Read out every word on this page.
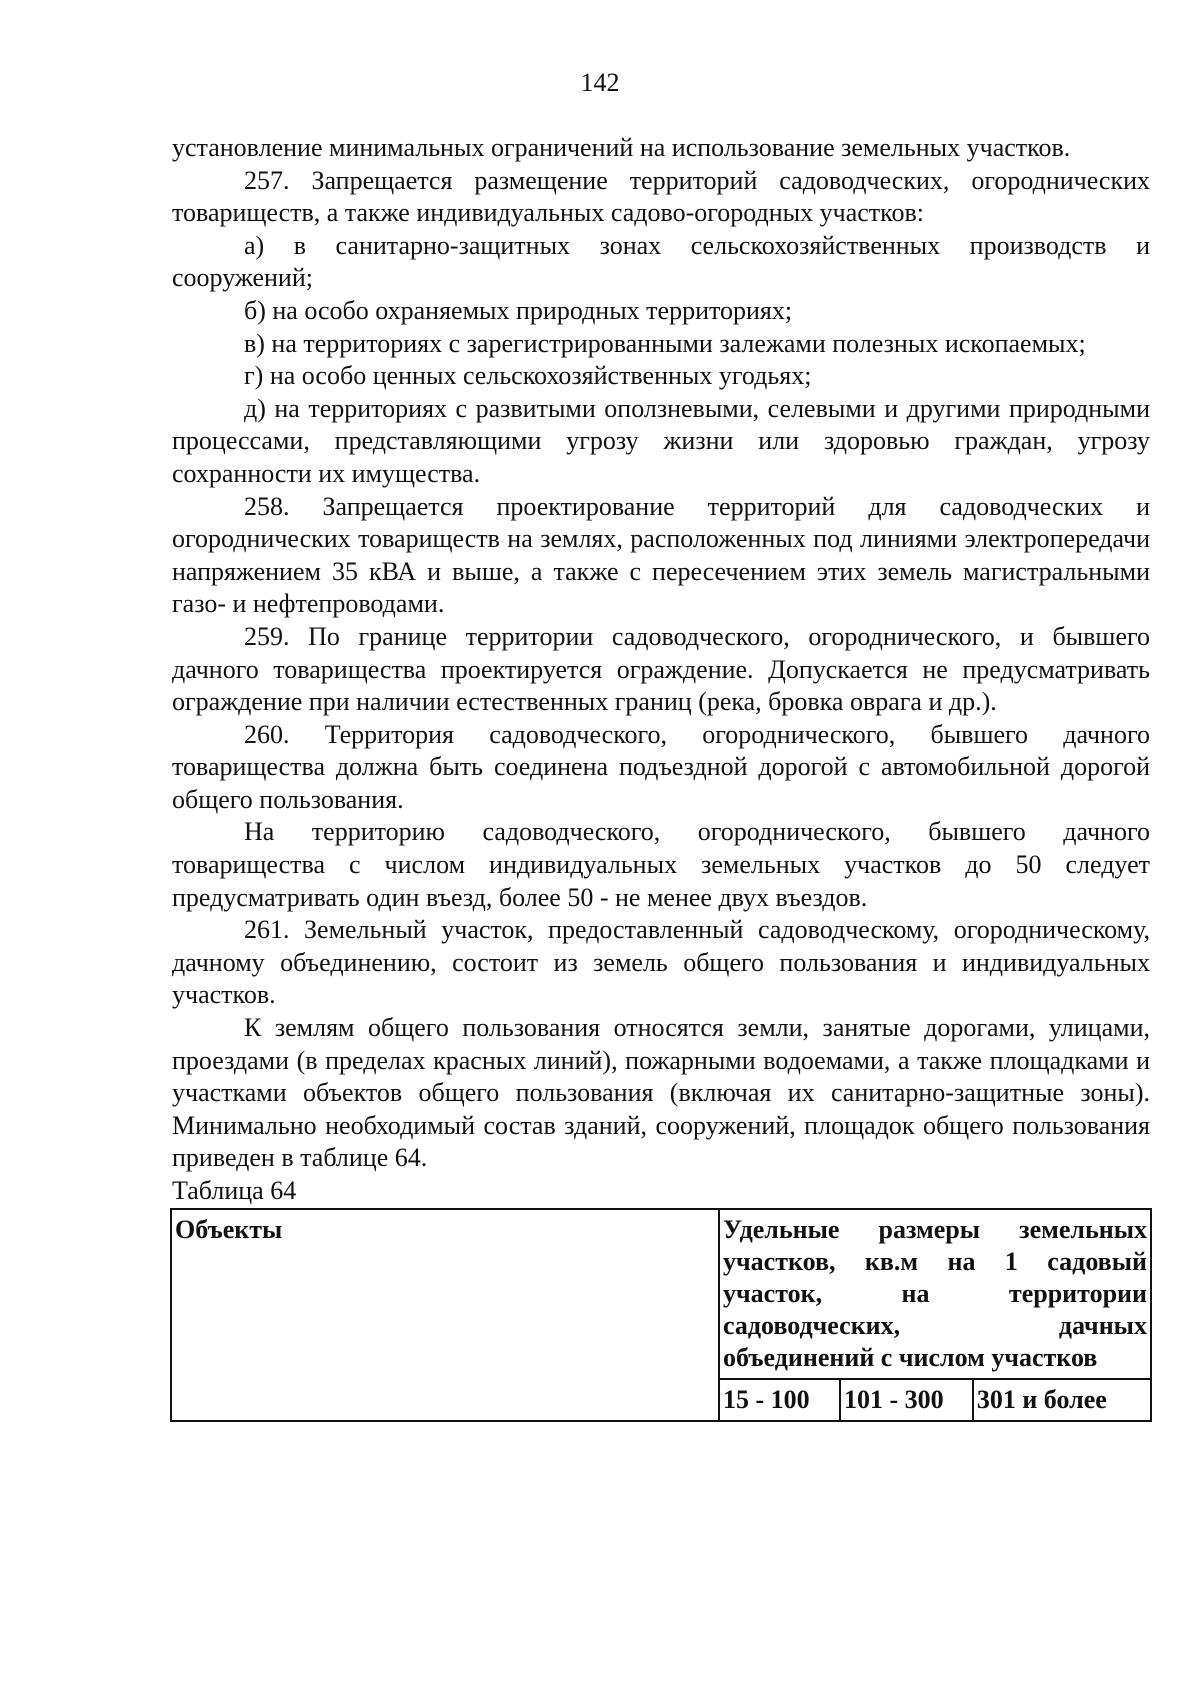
142

установление минимальных ограничений на использование земельных участков.

257. Запрещается размещение территорий садоводческих, огороднических товариществ, а также индивидуальных садово-огородных участков:

а) в санитарно-защитных зонах сельскохозяйственных производств и сооружений;

б) на особо охраняемых природных территориях;

в) на территориях с зарегистрированными залежами полезных ископаемых;

г) на особо ценных сельскохозяйственных угодьях;

д) на территориях с развитыми оползневыми, селевыми и другими природными процессами, представляющими угрозу жизни или здоровью граждан, угрозу сохранности их имущества.

258. Запрещается проектирование территорий для садоводческих и огороднических товариществ на землях, расположенных под линиями электропередачи напряжением 35 кВА и выше, а также с пересечением этих земель магистральными газо- и нефтепроводами.

259. По границе территории садоводческого, огороднического, и бывшего дачного товарищества проектируется ограждение. Допускается не предусматривать ограждение при наличии естественных границ (река, бровка оврага и др.).

260. Территория садоводческого, огороднического, бывшего дачного товарищества должна быть соединена подъездной дорогой с автомобильной дорогой общего пользования.

На территорию садоводческого, огороднического, бывшего дачного товарищества с числом индивидуальных земельных участков до 50 следует предусматривать один въезд, более 50 - не менее двух въездов.

261. Земельный участок, предоставленный садоводческому, огородническому, дачному объединению, состоит из земель общего пользования и индивидуальных участков.

К землям общего пользования относятся земли, занятые дорогами, улицами, проездами (в пределах красных линий), пожарными водоемами, а также площадками и участками объектов общего пользования (включая их санитарно-защитные зоны). Минимально необходимый состав зданий, сооружений, площадок общего пользования приведен в таблице 64.

Таблица 64

Объекты	Удельные размеры земельных участков, кв.м на 1 садовый участок, на территории садоводческих, дачных объединений с числом участков		
	15 - 100	101 - 300	301 и более
